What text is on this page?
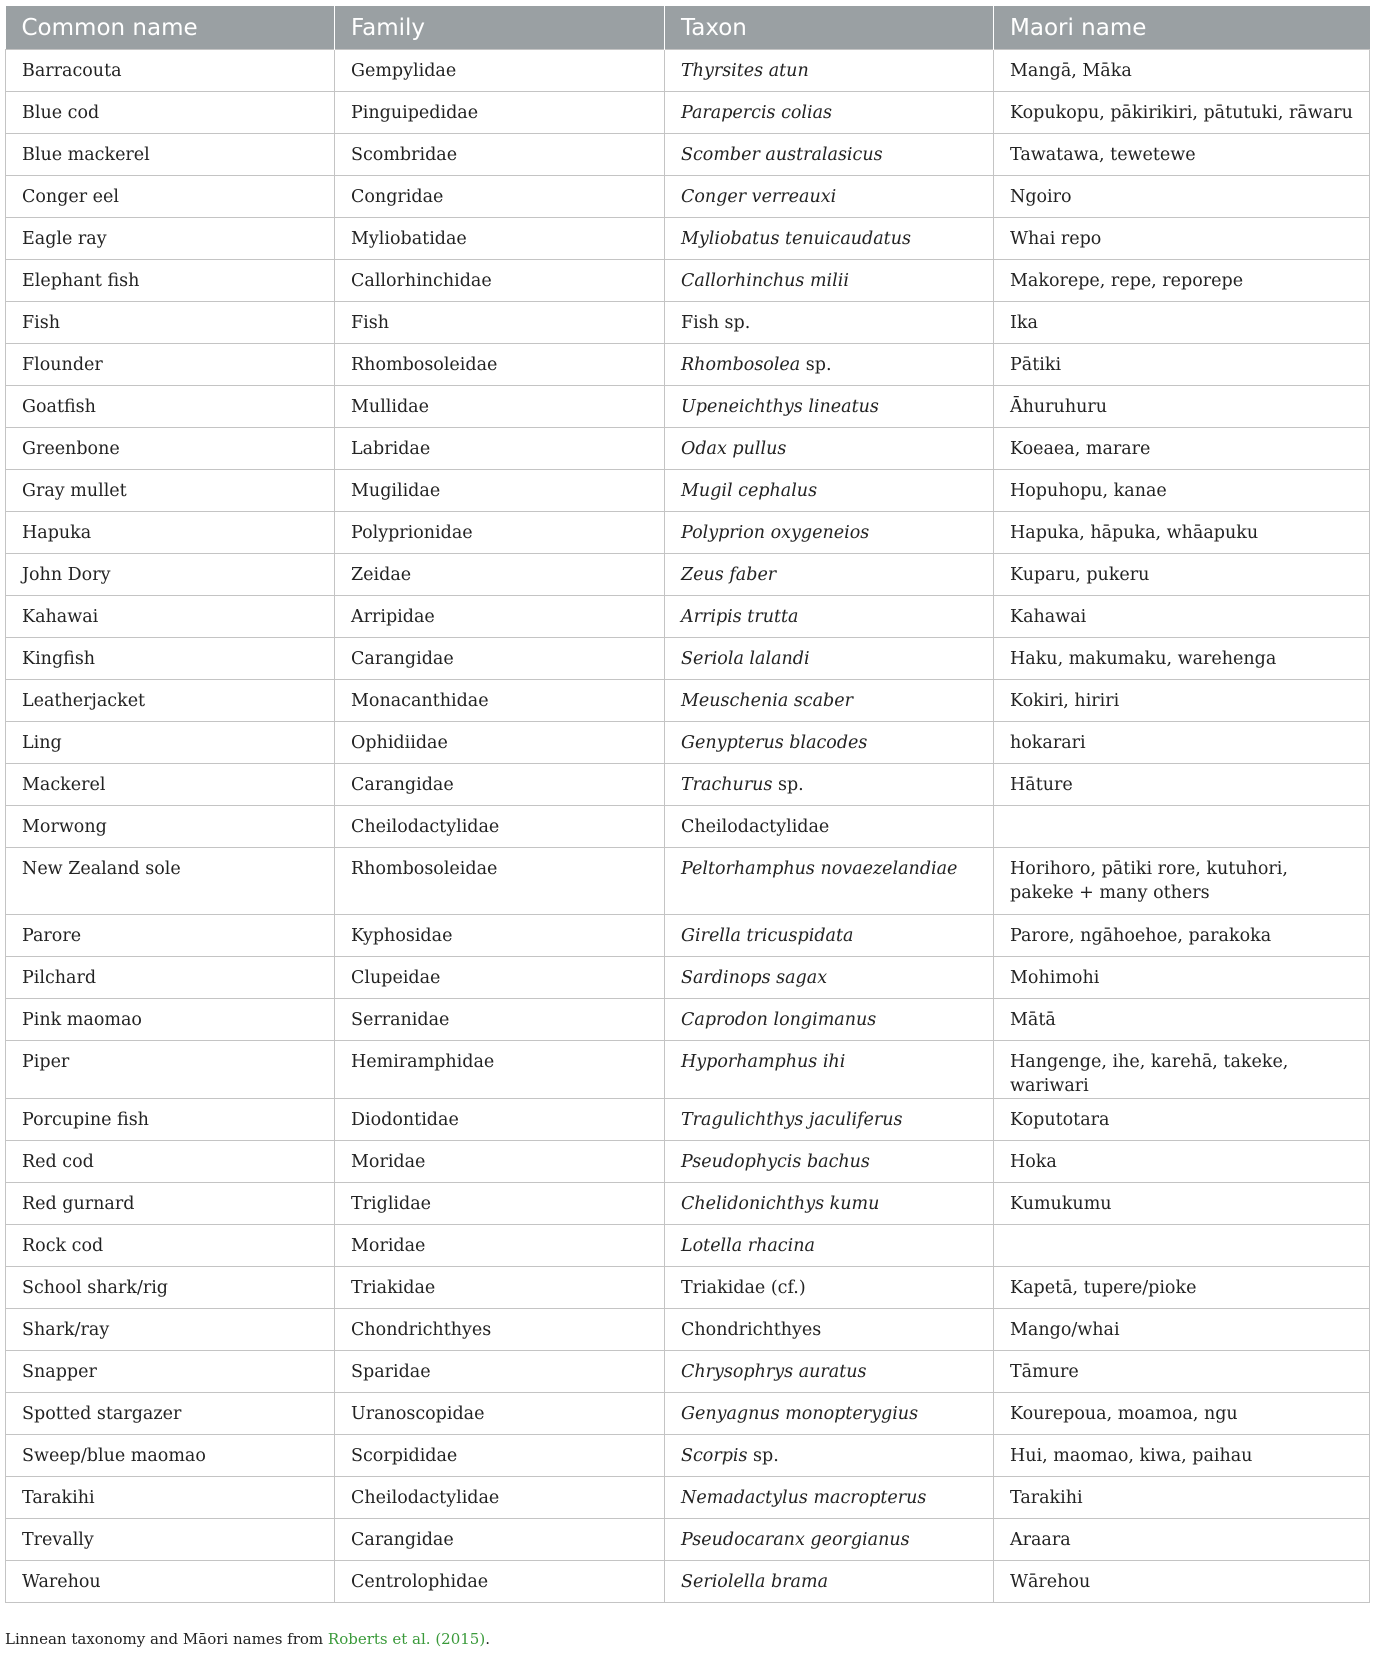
Common name	Family	Taxon	Maori name
Barracouta	Gempylidae	Thyrsites atun	Mangā, Māka
Blue cod	Pinguipedidae	Parapercis colias	Kopukopu, pākirikiri, pātutuki, rāwaru
Blue mackerel	Scombridae	Scomber australasicus	Tawatawa, tewetewe
Conger eel	Congridae	Conger verreauxi	Ngoiro
Eagle ray	Myliobatidae	Myliobatus tenuicaudatus	Whai repo
Elephant fish	Callorhinchidae	Callorhinchus milii	Makorepe, repe, reporepe
Fish	Fish	Fish sp.	Ika
Flounder	Rhombosoleidae	Rhombosolea sp.	Pātiki
Goatfish	Mullidae	Upeneichthys lineatus	Āhuruhuru
Greenbone	Labridae	Odax pullus	Koeaea, marare
Gray mullet	Mugilidae	Mugil cephalus	Hopuhopu, kanae
Hapuka	Polyprionidae	Polyprion oxygeneios	Hapuka, hāpuka, whāapuku
John Dory	Zeidae	Zeus faber	Kuparu, pukeru
Kahawai	Arripidae	Arripis trutta	Kahawai
Kingfish	Carangidae	Seriola lalandi	Haku, makumaku, warehenga
Leatherjacket	Monacanthidae	Meuschenia scaber	Kokiri, hiriri
Ling	Ophidiidae	Genypterus blacodes	hokarari
Mackerel	Carangidae	Trachurus sp.	Hāture
Morwong	Cheilodactylidae	Cheilodactylidae	
New Zealand sole	Rhombosoleidae	Peltorhamphus novaezelandiae	Horihoro, pātiki rore, kutuhori, pakeke + many others
Parore	Kyphosidae	Girella tricuspidata	Parore, ngāhoehoe, parakoka
Pilchard	Clupeidae	Sardinops sagax	Mohimohi
Pink maomao	Serranidae	Caprodon longimanus	Mātā
Piper	Hemiramphidae	Hyporhamphus ihi	Hangenge, ihe, karehā, takeke, wariwari
Porcupine fish	Diodontidae	Tragulichthys jaculiferus	Koputotara
Red cod	Moridae	Pseudophycis bachus	Hoka
Red gurnard	Triglidae	Chelidonichthys kumu	Kumukumu
Rock cod	Moridae	Lotella rhacina	
School shark/rig	Triakidae	Triakidae (cf.)	Kapetā, tupere/pioke
Shark/ray	Chondrichthyes	Chondrichthyes	Mango/whai
Snapper	Sparidae	Chrysophrys auratus	Tāmure
Spotted stargazer	Uranoscopidae	Genyagnus monopterygius	Kourepoua, moamoa, ngu
Sweep/blue maomao	Scorpididae	Scorpis sp.	Hui, maomao, kiwa, paihau
Tarakihi	Cheilodactylidae	Nemadactylus macropterus	Tarakihi
Trevally	Carangidae	Pseudocaranx georgianus	Araara
Warehou	Centrolophidae	Seriolella brama	Wārehou
Linnean taxonomy and Māori names from Roberts et al. (2015).
